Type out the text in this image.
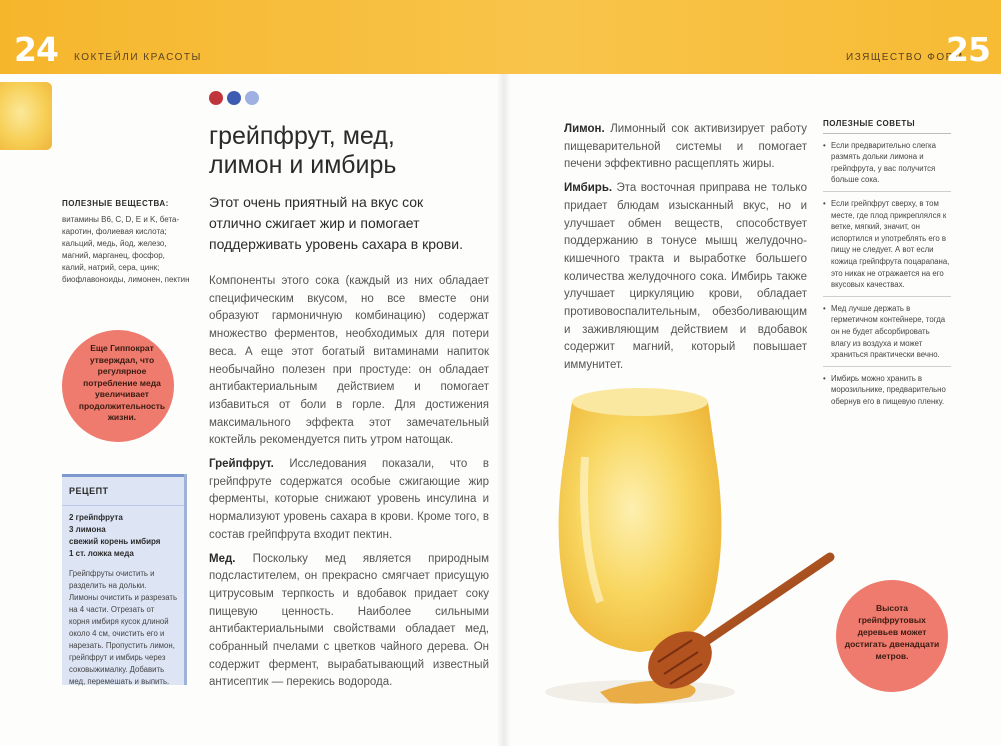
24 КОКТЕЙЛИ КРАСОТЫ	ИЗЯЩЕСТВО ФОРМ
25
грейпфрут, мед, лимон и имбирь
Этот очень приятный на вкус сок отлично сжигает жир и помогает поддерживать уровень сахара в крови.

Компоненты этого сока (каждый из них обладает специфическим вкусом, но все вместе они образуют гармоничную комбинацию) содержат множество ферментов, необходимых для потери веса. А еще этот богатый витаминами напиток необычайно полезен при простуде: он обладает антибактериальным действием и помогает избавиться от боли в горле. Для достижения максимального эффекта этот замечательный коктейль рекомендуется пить утром натощак.

Грейпфрут. Исследования показали, что в грейпфруте содержатся особые сжигающие жир ферменты, которые снижают уровень инсулина и нормализуют уровень сахара в крови. Кроме того, в состав грейпфрута входит пектин.

Мед. Поскольку мед является природным подсластителем, он прекрасно смягчает присущую цитрусовым терпкость и вдобавок придает соку пищевую ценность. Наиболее сильными антибактериальными свойствами обладает мед, собранный пчелами с цветков чайного дерева. Он содержит фермент, вырабатывающий известный антисептик — перекись водорода.

ПОЛЕЗНЫЕ ВЕЩЕСТВА:
витамины B6, C, D, E и K, бета-каротин, фолиевая кислота; кальций, медь, йод, железо, магний, марганец, фосфор, калий, натрий, сера, цинк; биофлавоноиды, лимонен, пектин
Еще Гиппократ утверждал, что регулярное потребление меда увеличивает продолжительность жизни.
РЕЦЕПТ
2 грейпфрута
3 лимона
свежий корень имбиря
1 ст. ложка меда
Грейпфруты очистить и разделить на дольки. Лимоны очистить и разрезать на 4 части. Отрезать от корня имбиря кусок длиной около 4 см, очистить его и нарезать. Пропустить лимон, грейпфрут и имбирь через соковыжималку. Добавить мед, перемешать и выпить.

Лимон. Лимонный сок активизирует работу пищеварительной системы и помогает печени эффективно расщеплять жиры.

Имбирь. Эта восточная приправа не только придает блюдам изысканный вкус, но и улучшает обмен веществ, способствует поддержанию в тонусе мышц желудочно-кишечного тракта и выработке большего количества желудочного сока. Имбирь также улучшает циркуляцию крови, обладает противовоспалительным, обезболивающим и заживляющим действием и вдобавок содержит магний, который повышает иммунитет.

ПОЛЕЗНЫЕ СОВЕТЫ
• Если предварительно слегка размять дольки лимона и грейпфрута, у вас получится больше сока.
• Если грейпфрут сверху, в том месте, где плод прикреплялся к ветке, мягкий, значит, он испортился и употреблять его в пищу не следует. А вот если кожица грейпфрута поцарапана, это никак не отражается на его вкусовых качествах.
• Мед лучше держать в герметичном контейнере, тогда он не будет абсорбировать влагу из воздуха и может храниться практически вечно.
• Имбирь можно хранить в морозильнике, предварительно обернув его в пищевую пленку.
Высота грейпфрутовых деревьев может достигать двенадцати метров.
